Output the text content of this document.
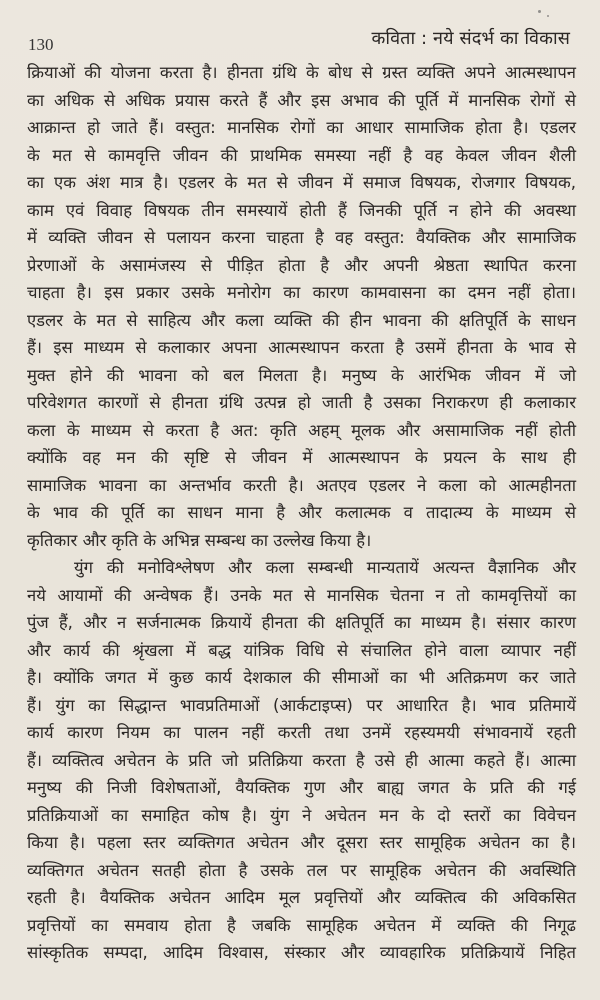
130	कविता : नये संदर्भ का विकास
क्रियाओं की योजना करता है। हीनता ग्रंथि के बोध से ग्रस्त व्यक्ति अपने आत्मस्थापन
का अधिक से अधिक प्रयास करते हैं और इस अभाव की पूर्ति में मानसिक रोगों से
आक्रान्त हो जाते हैं। वस्तुत: मानसिक रोगों का आधार सामाजिक होता है। एडलर
के मत से कामवृत्ति जीवन की प्राथमिक समस्या नहीं है वह केवल जीवन शैली
का एक अंश मात्र है। एडलर के मत से जीवन में समाज विषयक, रोजगार विषयक,
काम एवं विवाह विषयक तीन समस्यायें होती हैं जिनकी पूर्ति न होने की अवस्था
में व्यक्ति जीवन से पलायन करना चाहता है वह वस्तुत: वैयक्तिक और सामाजिक
प्रेरणाओं के असामंजस्य से पीड़ित होता है और अपनी श्रेष्ठता स्थापित करना
चाहता है। इस प्रकार उसके मनोरोग का कारण कामवासना का दमन नहीं होता।
एडलर के मत से साहित्य और कला व्यक्ति की हीन भावना की क्षतिपूर्ति के साधन
हैं। इस माध्यम से कलाकार अपना आत्मस्थापन करता है उसमें हीनता के भाव से
मुक्त होने की भावना को बल मिलता है। मनुष्य के आरंभिक जीवन में जो
परिवेशगत कारणों से हीनता ग्रंथि उत्पन्न हो जाती है उसका निराकरण ही कलाकार
कला के माध्यम से करता है अत: कृति अहम् मूलक और असामाजिक नहीं होती
क्योंकि वह मन की सृष्टि से जीवन में आत्मस्थापन के प्रयत्न के साथ ही
सामाजिक भावना का अन्तर्भाव करती है। अतएव एडलर ने कला को आत्महीनता
के भाव की पूर्ति का साधन माना है और कलात्मक व तादात्म्य के माध्यम से
कृतिकार और कृति के अभिन्न सम्बन्ध का उल्लेख किया है।
युंग की मनोविश्लेषण और कला सम्बन्धी मान्यतायें अत्यन्त वैज्ञानिक और
नये आयामों की अन्वेषक हैं। उनके मत से मानसिक चेतना न तो कामवृत्तियों का
पुंज हैं, और न सर्जनात्मक क्रियायें हीनता की क्षतिपूर्ति का माध्यम है। संसार कारण
और कार्य की श्रृंखला में बद्ध यांत्रिक विधि से संचालित होने वाला व्यापार नहीं
है। क्योंकि जगत में कुछ कार्य देशकाल की सीमाओं का भी अतिक्रमण कर जाते
हैं। युंग का सिद्धान्त भावप्रतिमाओं (आर्कटाइप्स) पर आधारित है। भाव प्रतिमायें
कार्य कारण नियम का पालन नहीं करती तथा उनमें रहस्यमयी संभावनायें रहती
हैं। व्यक्तित्व अचेतन के प्रति जो प्रतिक्रिया करता है उसे ही आत्मा कहते हैं। आत्मा
मनुष्य की निजी विशेषताओं, वैयक्तिक गुण और बाह्य जगत के प्रति की गई
प्रतिक्रियाओं का समाहित कोष है। युंग ने अचेतन मन के दो स्तरों का विवेचन
किया है। पहला स्तर व्यक्तिगत अचेतन और दूसरा स्तर सामूहिक अचेतन का है।
व्यक्तिगत अचेतन सतही होता है उसके तल पर सामूहिक अचेतन की अवस्थिति
रहती है। वैयक्तिक अचेतन आदिम मूल प्रवृत्तियों और व्यक्तित्व की अविकसित
प्रवृत्तियों का समवाय होता है जबकि सामूहिक अचेतन में व्यक्ति की निगूढ
सांस्कृतिक सम्पदा, आदिम विश्वास, संस्कार और व्यावहारिक प्रतिक्रियायें निहित
